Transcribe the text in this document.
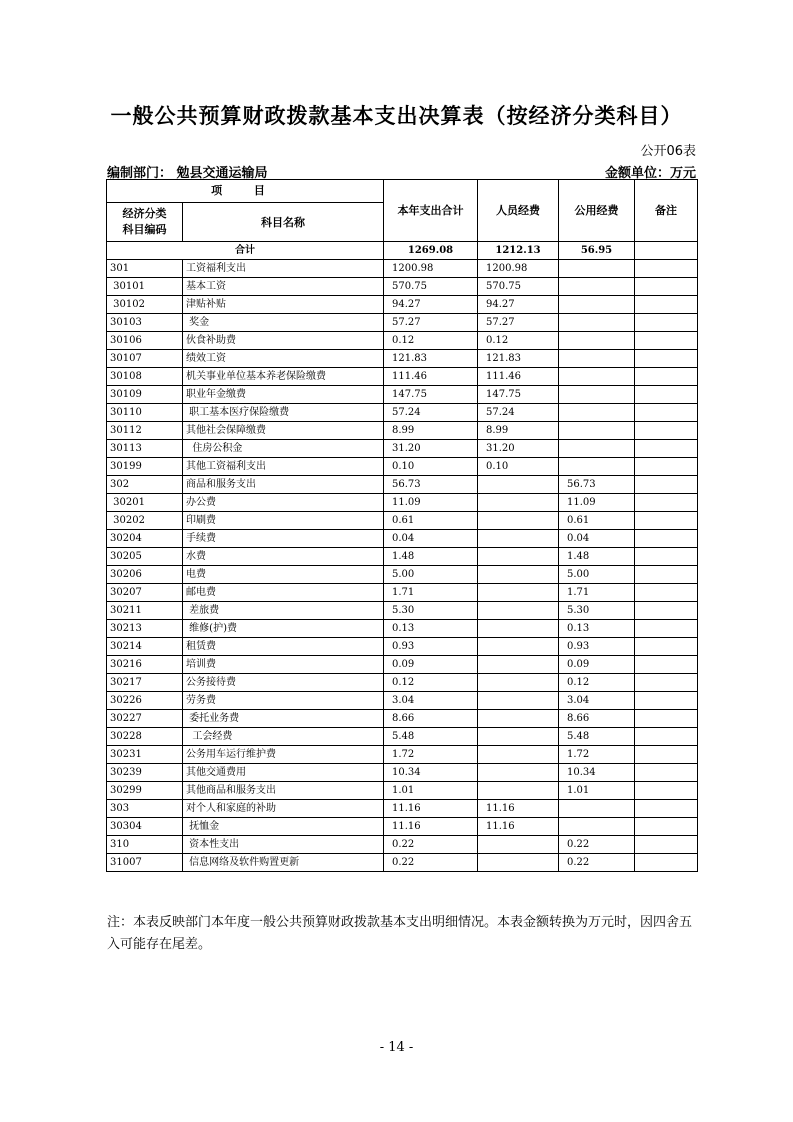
一般公共预算财政拨款基本支出决算表（按经济分类科目）
公开06表
编制部门： 勉县交通运输局	金额单位：万元
项 目		本年支出合计	人员经费	公用经费	备注

经济分类
科目编码	科目名称				
合计		1269.08	1212.13	56.95	
301	工资福利支出	1200.98	1200.98		
30101	基本工资	570.75	570.75		
30102	津贴补贴	94.27	94.27		
30103	奖金	57.27	57.27		
30106	伙食补助费	0.12	0.12		
30107	绩效工资	121.83	121.83		
30108	机关事业单位基本养老保险缴费	111.46	111.46		
30109	职业年金缴费	147.75	147.75		
30110	职工基本医疗保险缴费	57.24	57.24		
30112	其他社会保障缴费	8.99	8.99		
30113	住房公积金	31.20	31.20		
30199	其他工资福利支出	0.10	0.10		
302	商品和服务支出	56.73		56.73	
30201	办公费	11.09		11.09	
30202	印刷费	0.61		0.61	
30204	手续费	0.04		0.04	
30205	水费	1.48		1.48	
30206	电费	5.00		5.00	
30207	邮电费	1.71		1.71	
30211	差旅费	5.30		5.30	
30213	维修(护)费	0.13		0.13	
30214	租赁费	0.93		0.93	
30216	培训费	0.09		0.09	
30217	公务接待费	0.12		0.12	
30226	劳务费	3.04		3.04	
30227	委托业务费	8.66		8.66	
30228	工会经费	5.48		5.48	
30231	公务用车运行维护费	1.72		1.72	
30239	其他交通费用	10.34		10.34	
30299	其他商品和服务支出	1.01		1.01	
303	对个人和家庭的补助	11.16	11.16		
30304	抚恤金	11.16	11.16		
310	资本性支出	0.22		0.22	
31007	信息网络及软件购置更新	0.22		0.22	
注：本表反映部门本年度一般公共预算财政拨款基本支出明细情况。本表金额转换为万元时，因四舍五入可能存在尾差。
- 14 -
